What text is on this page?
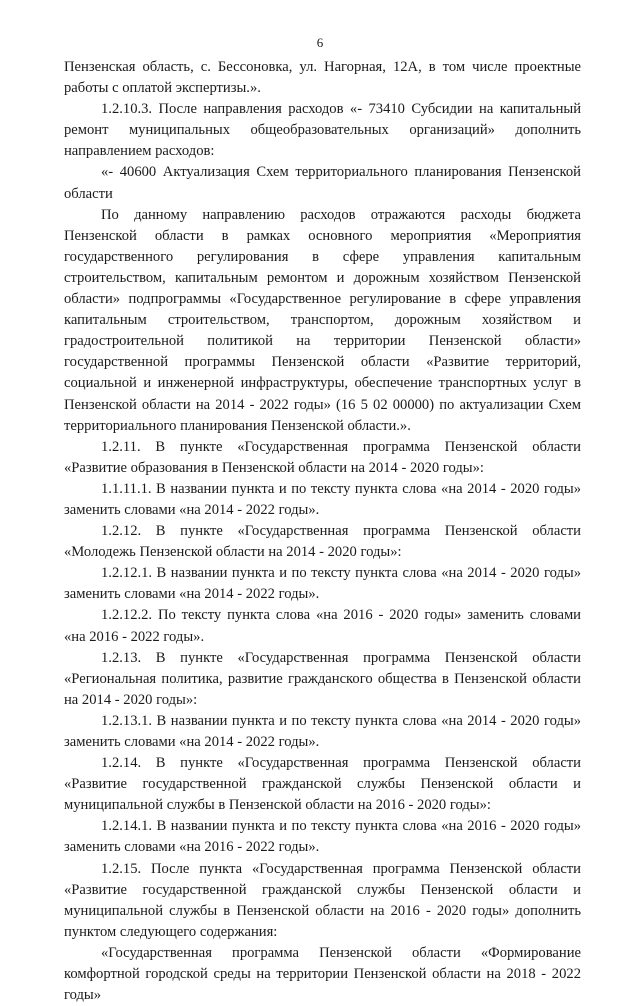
6

Пензенская область, с. Бессоновка, ул. Нагорная, 12А, в том числе проектные работы с оплатой экспертизы.».

1.2.10.3. После направления расходов «- 73410 Субсидии на капитальный ремонт муниципальных общеобразовательных организаций» дополнить направлением расходов:

«- 40600 Актуализация Схем территориального планирования Пензенской области

По данному направлению расходов отражаются расходы бюджета Пензенской области в рамках основного мероприятия «Мероприятия государственного регулирования в сфере управления капитальным строительством, капитальным ремонтом и дорожным хозяйством Пензенской области» подпрограммы «Государственное регулирование в сфере управления капитальным строительством, транспортом, дорожным хозяйством и градостроительной политикой на территории Пензенской области» государственной программы Пензенской области «Развитие территорий, социальной и инженерной инфраструктуры, обеспечение транспортных услуг в Пензенской области на 2014 - 2022 годы» (16 5 02 00000) по актуализации Схем территориального планирования Пензенской области.».

1.2.11. В пункте «Государственная программа Пензенской области «Развитие образования в Пензенской области на 2014 - 2020 годы»:

1.1.11.1. В названии пункта и по тексту пункта слова «на 2014 - 2020 годы» заменить словами «на 2014 - 2022 годы».

1.2.12. В пункте «Государственная программа Пензенской области «Молодежь Пензенской области на 2014 - 2020 годы»:

1.2.12.1. В названии пункта и по тексту пункта слова «на 2014 - 2020 годы» заменить словами «на 2014 - 2022 годы».

1.2.12.2. По тексту пункта слова «на 2016 - 2020 годы» заменить словами «на 2016 - 2022 годы».

1.2.13. В пункте «Государственная программа Пензенской области «Региональная политика, развитие гражданского общества в Пензенской области на 2014 - 2020 годы»:

1.2.13.1. В названии пункта и по тексту пункта слова «на 2014 - 2020 годы» заменить словами «на 2014 - 2022 годы».

1.2.14. В пункте «Государственная программа Пензенской области «Развитие государственной гражданской службы Пензенской области и муниципальной службы в Пензенской области на 2016 - 2020 годы»:

1.2.14.1. В названии пункта и по тексту пункта слова «на 2016 - 2020 годы» заменить словами «на 2016 - 2022 годы».

1.2.15. После пункта «Государственная программа Пензенской области «Развитие государственной гражданской службы Пензенской области и муниципальной службы в Пензенской области на 2016 - 2020 годы» дополнить пунктом следующего содержания:

«Государственная программа Пензенской области «Формирование комфортной городской среды на территории Пензенской области на 2018 - 2022 годы»
